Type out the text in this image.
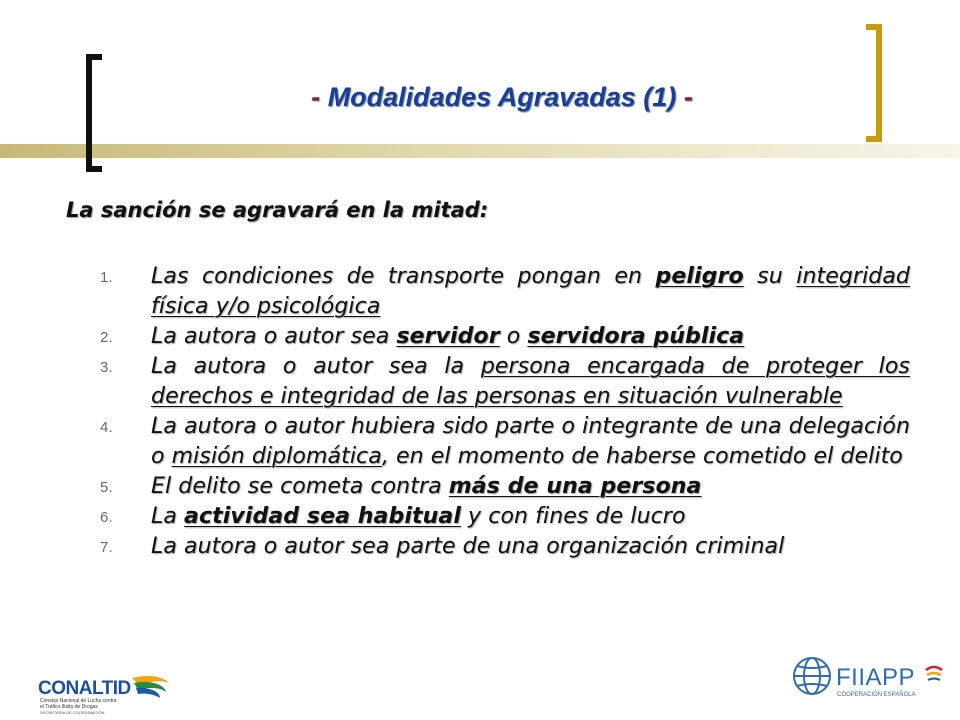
- Modalidades Agravadas (1) -
La sanción se agravará en la mitad:
1. Las condiciones de transporte pongan en peligro su integridad física y/o psicológica
2. La autora o autor sea servidor o servidora pública
3. La autora o autor sea la persona encargada de proteger los derechos e integridad de las personas en situación vulnerable
4. La autora o autor hubiera sido parte o integrante de una delegación o misión diplomática, en el momento de haberse cometido el delito
5. El delito se cometa contra más de una persona
6. La actividad sea habitual y con fines de lucro
7. La autora o autor sea parte de una organización criminal
CONALTID
Consejo Nacional de Lucha contra
el Tráfico Ilícito de Drogas
SECRETARÍA DE COORDINACIÓN
FIIAPP
COOPERACIÓN ESPAÑOLA
